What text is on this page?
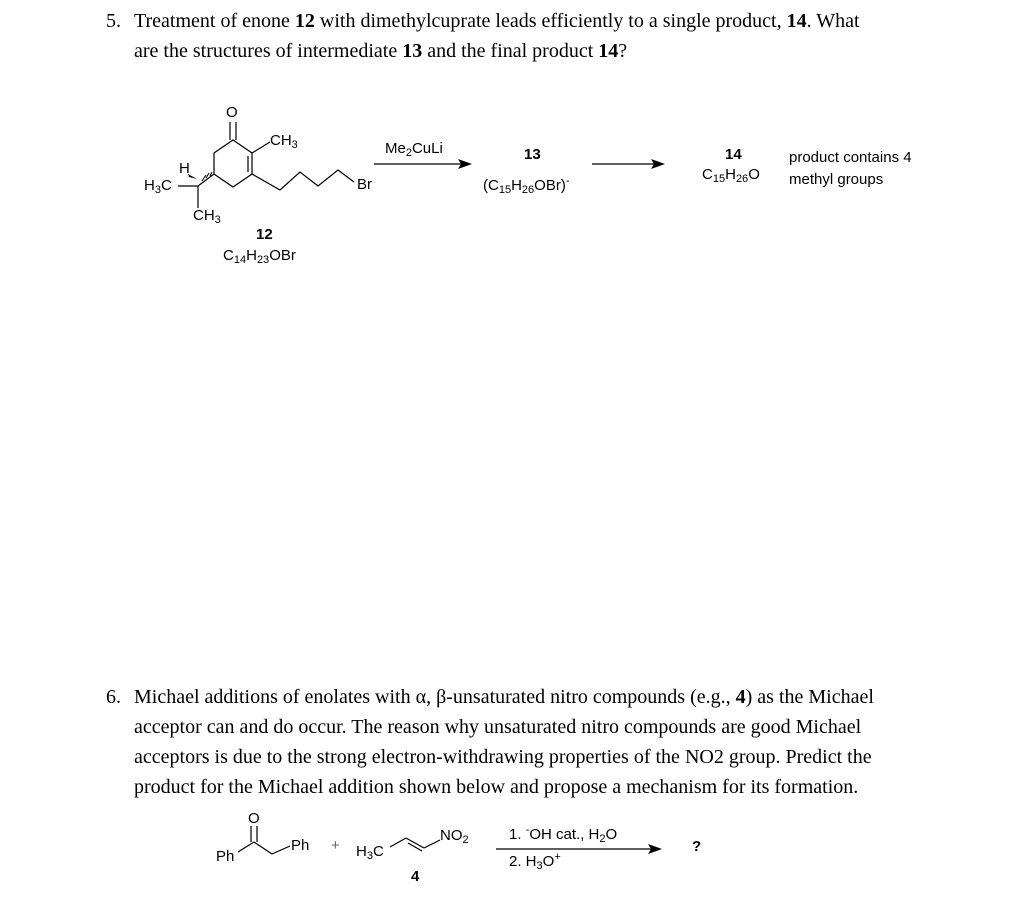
5. Treatment of enone 12 with dimethylcuprate leads efficiently to a single product, 14. What
are the structures of intermediate 13 and the final product 14?
O
$CH_3$
H
$H_3C$
$CH_3$
Br
12
$C_{14}H_{23}OBr$
$Me_2CuLi$	13
$(C_{15}H_{26}OBr)^-$
14
$C_{15}H_{26}O$
product contains 4
methyl groups
6. Michael additions of enolates with α, β-unsaturated nitro compounds (e.g., 4) as the Michael
acceptor can and do occur. The reason why unsaturated nitro compounds are good Michael
acceptors is due to the strong electron-withdrawing properties of the NO2 group. Predict the
product for the Michael addition shown below and propose a mechanism for its formation.
O
Ph
$Ph + H_3C$
$NO_2$
4
1. -OH cat., $H_2O$
2. $H_3O^+$
?
